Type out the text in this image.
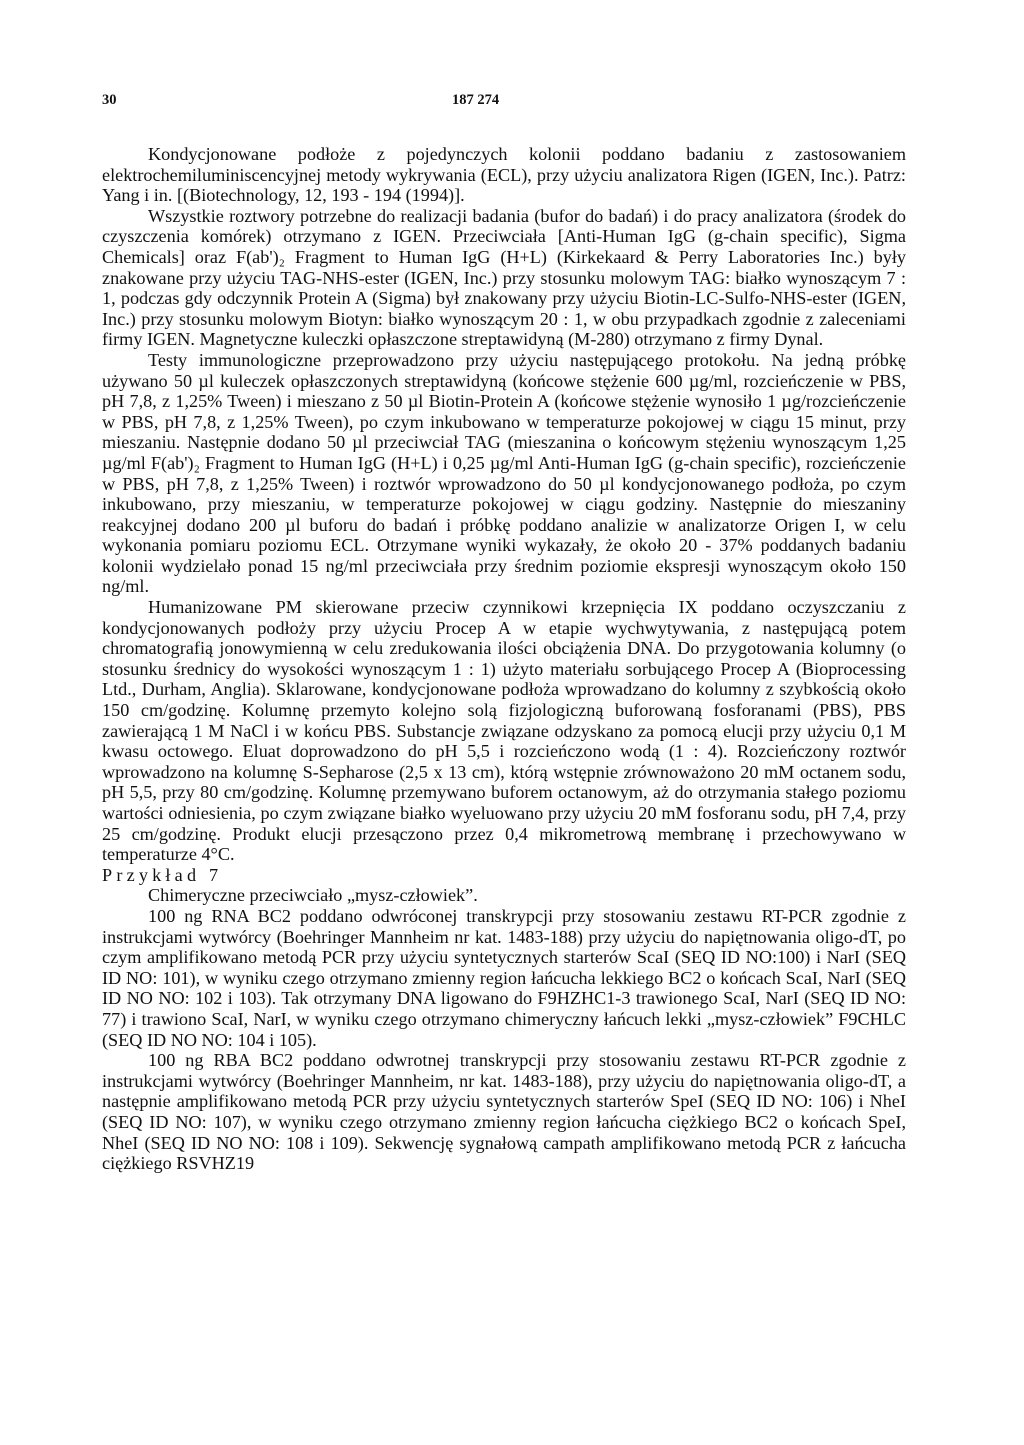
30	187 274

Kondycjonowane podłoże z pojedynczych kolonii poddano badaniu z zastosowaniem elektrochemiluminiscencyjnej metody wykrywania (ECL), przy użyciu analizatora Rigen (IGEN, Inc.). Patrz: Yang i in. [(Biotechnology, 12, 193 - 194 (1994)].

Wszystkie roztwory potrzebne do realizacji badania (bufor do badań) i do pracy analizatora (środek do czyszczenia komórek) otrzymano z IGEN. Przeciwciała [Anti-Human IgG (g-chain specific), Sigma Chemicals] oraz F(ab')₂ Fragment to Human IgG (H+L) (Kirkekaard & Perry Laboratories Inc.) były znakowane przy użyciu TAG-NHS-ester (IGEN, Inc.) przy stosunku molowym TAG: białko wynoszącym 7 : 1, podczas gdy odczynnik Protein A (Sigma) był znakowany przy użyciu Biotin-LC-Sulfo-NHS-ester (IGEN, Inc.) przy stosunku molowym Biotyn: białko wynoszącym 20 : 1, w obu przypadkach zgodnie z zaleceniami firmy IGEN. Magnetyczne kuleczki opłaszczone streptawidyną (M-280) otrzymano z firmy Dynal.

Testy immunologiczne przeprowadzono przy użyciu następującego protokołu. Na jedną próbkę używano 50 µl kuleczek opłaszczonych streptawidyną (końcowe stężenie 600 µg/ml, rozcieńczenie w PBS, pH 7,8, z 1,25% Tween) i mieszano z 50 µl Biotin-Protein A (końcowe stężenie wynosiło 1 µg/rozcieńczenie w PBS, pH 7,8, z 1,25% Tween), po czym inkubowano w temperaturze pokojowej w ciągu 15 minut, przy mieszaniu. Następnie dodano 50 µl przeciwciał TAG (mieszanina o końcowym stężeniu wynoszącym 1,25 µg/ml F(ab')₂ Fragment to Human IgG (H+L) i 0,25 µg/ml Anti-Human IgG (g-chain specific), rozcieńczenie w PBS, pH 7,8, z 1,25% Tween) i roztwór wprowadzono do 50 µl kondycjonowanego podłoża, po czym inkubowano, przy mieszaniu, w temperaturze pokojowej w ciągu godziny. Następnie do mieszaniny reakcyjnej dodano 200 µl buforu do badań i próbkę poddano analizie w analizatorze Origen I, w celu wykonania pomiaru poziomu ECL. Otrzymane wyniki wykazały, że około 20 - 37% poddanych badaniu kolonii wydzielało ponad 15 ng/ml przeciwciała przy średnim poziomie ekspresji wynoszącym około 150 ng/ml.

Humanizowane PM skierowane przeciw czynnikowi krzepnięcia IX poddano oczyszczaniu z kondycjonowanych podłoży przy użyciu Procep A w etapie wychwytywania, z następującą potem chromatografią jonowymienną w celu zredukowania ilości obciążenia DNA. Do przygotowania kolumny (o stosunku średnicy do wysokości wynoszącym 1 : 1) użyto materiału sorbującego Procep A (Bioprocessing Ltd., Durham, Anglia). Sklarowane, kondycjonowane podłoża wprowadzano do kolumny z szybkością około 150 cm/godzinę. Kolumnę przemyto kolejno solą fizjologiczną buforowaną fosforanami (PBS), PBS zawierającą 1 M NaCl i w końcu PBS. Substancje związane odzyskano za pomocą elucji przy użyciu 0,1 M kwasu octowego. Eluat doprowadzono do pH 5,5 i rozcieńczono wodą (1 : 4). Rozcieńczony roztwór wprowadzono na kolumnę S-Sepharose (2,5 x 13 cm), którą wstępnie zrównoważono 20 mM octanem sodu, pH 5,5, przy 80 cm/godzinę. Kolumnę przemywano buforem octanowym, aż do otrzymania stałego poziomu wartości odniesienia, po czym związane białko wyeluowano przy użyciu 20 mM fosforanu sodu, pH 7,4, przy 25 cm/godzinę. Produkt elucji przesączono przez 0,4 mikrometrową membranę i przechowywano w temperaturze 4°C.

Przykład 7

Chimeryczne przeciwciało „mysz-człowiek”.

100 ng RNA BC2 poddano odwróconej transkrypcji przy stosowaniu zestawu RT-PCR zgodnie z instrukcjami wytwórcy (Boehringer Mannheim nr kat. 1483-188) przy użyciu do napiętnowania oligo-dT, po czym amplifikowano metodą PCR przy użyciu syntetycznych starterów ScaI (SEQ ID NO:100) i NarI (SEQ ID NO: 101), w wyniku czego otrzymano zmienny region łańcucha lekkiego BC2 o końcach ScaI, NarI (SEQ ID NO NO: 102 i 103). Tak otrzymany DNA ligowano do F9HZHC1-3 trawionego ScaI, NarI (SEQ ID NO: 77) i trawiono ScaI, NarI, w wyniku czego otrzymano chimeryczny łańcuch lekki „mysz-człowiek” F9CHLC (SEQ ID NO NO: 104 i 105).

100 ng RBA BC2 poddano odwrotnej transkrypcji przy stosowaniu zestawu RT-PCR zgodnie z instrukcjami wytwórcy (Boehringer Mannheim, nr kat. 1483-188), przy użyciu do napiętnowania oligo-dT, a następnie amplifikowano metodą PCR przy użyciu syntetycznych starterów SpeI (SEQ ID NO: 106) i NheI (SEQ ID NO: 107), w wyniku czego otrzymano zmienny region łańcucha ciężkiego BC2 o końcach SpeI, NheI (SEQ ID NO NO: 108 i 109). Sekwencję sygnałową campath amplifikowano metodą PCR z łańcucha ciężkiego RSVHZ19
